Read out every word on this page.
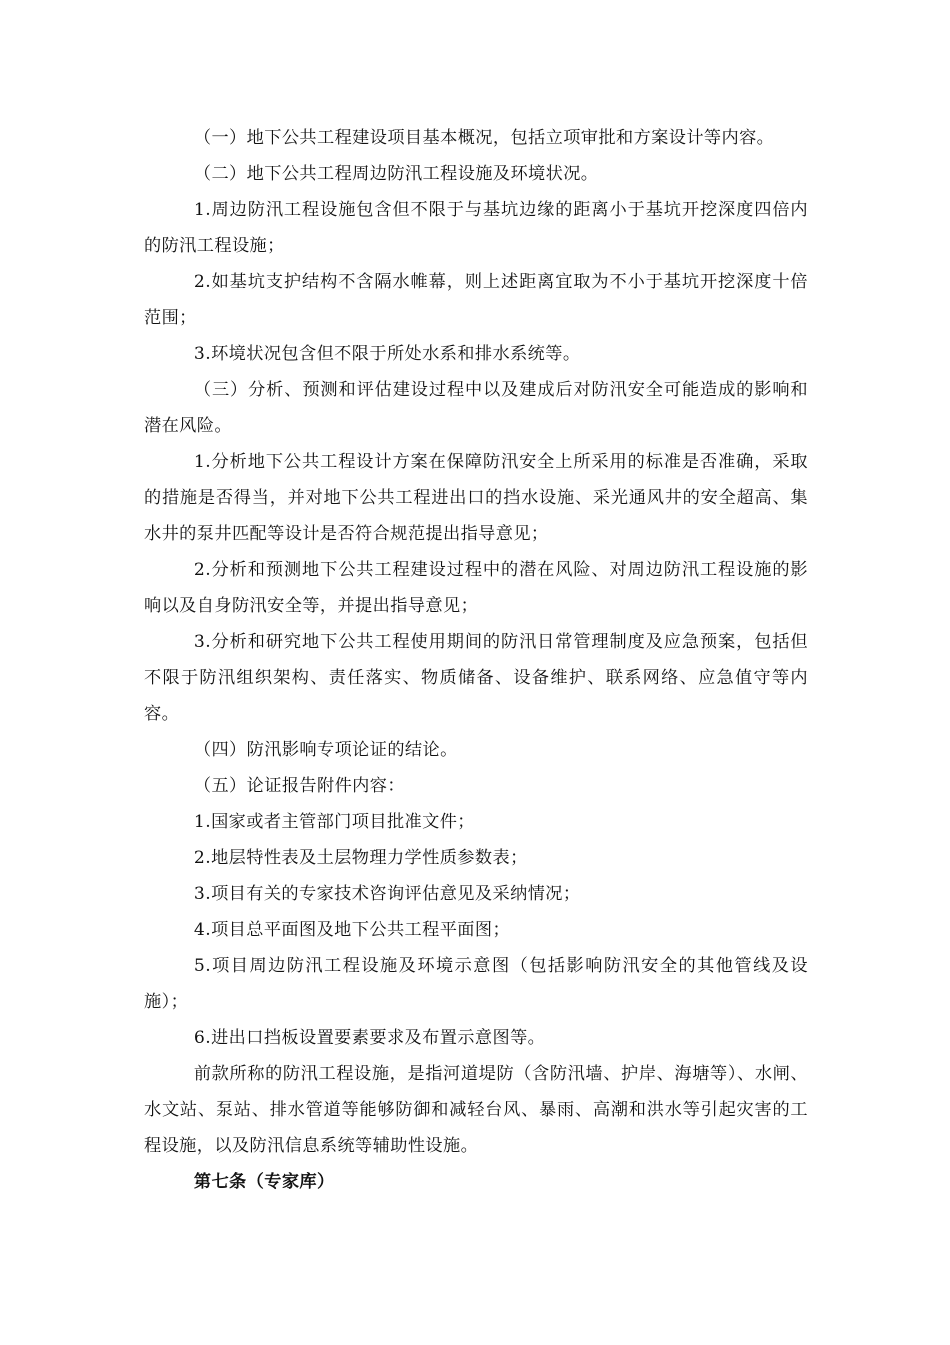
（一）地下公共工程建设项目基本概况，包括立项审批和方案设计等内容。

（二）地下公共工程周边防汛工程设施及环境状况。

1.周边防汛工程设施包含但不限于与基坑边缘的距离小于基坑开挖深度四倍内的防汛工程设施；

2.如基坑支护结构不含隔水帷幕，则上述距离宜取为不小于基坑开挖深度十倍范围；

3.环境状况包含但不限于所处水系和排水系统等。

（三）分析、预测和评估建设过程中以及建成后对防汛安全可能造成的影响和潜在风险。

1.分析地下公共工程设计方案在保障防汛安全上所采用的标准是否准确，采取的措施是否得当，并对地下公共工程进出口的挡水设施、采光通风井的安全超高、集水井的泵井匹配等设计是否符合规范提出指导意见；

2.分析和预测地下公共工程建设过程中的潜在风险、对周边防汛工程设施的影响以及自身防汛安全等，并提出指导意见；

3.分析和研究地下公共工程使用期间的防汛日常管理制度及应急预案，包括但不限于防汛组织架构、责任落实、物质储备、设备维护、联系网络、应急值守等内容。

（四）防汛影响专项论证的结论。

（五）论证报告附件内容：

1.国家或者主管部门项目批准文件；

2.地层特性表及土层物理力学性质参数表；

3.项目有关的专家技术咨询评估意见及采纳情况；

4.项目总平面图及地下公共工程平面图；

5.项目周边防汛工程设施及环境示意图（包括影响防汛安全的其他管线及设施）；

6.进出口挡板设置要素要求及布置示意图等。

前款所称的防汛工程设施，是指河道堤防（含防汛墙、护岸、海塘等）、水闸、水文站、泵站、排水管道等能够防御和减轻台风、暴雨、高潮和洪水等引起灾害的工程设施，以及防汛信息系统等辅助性设施。

第七条（专家库）
